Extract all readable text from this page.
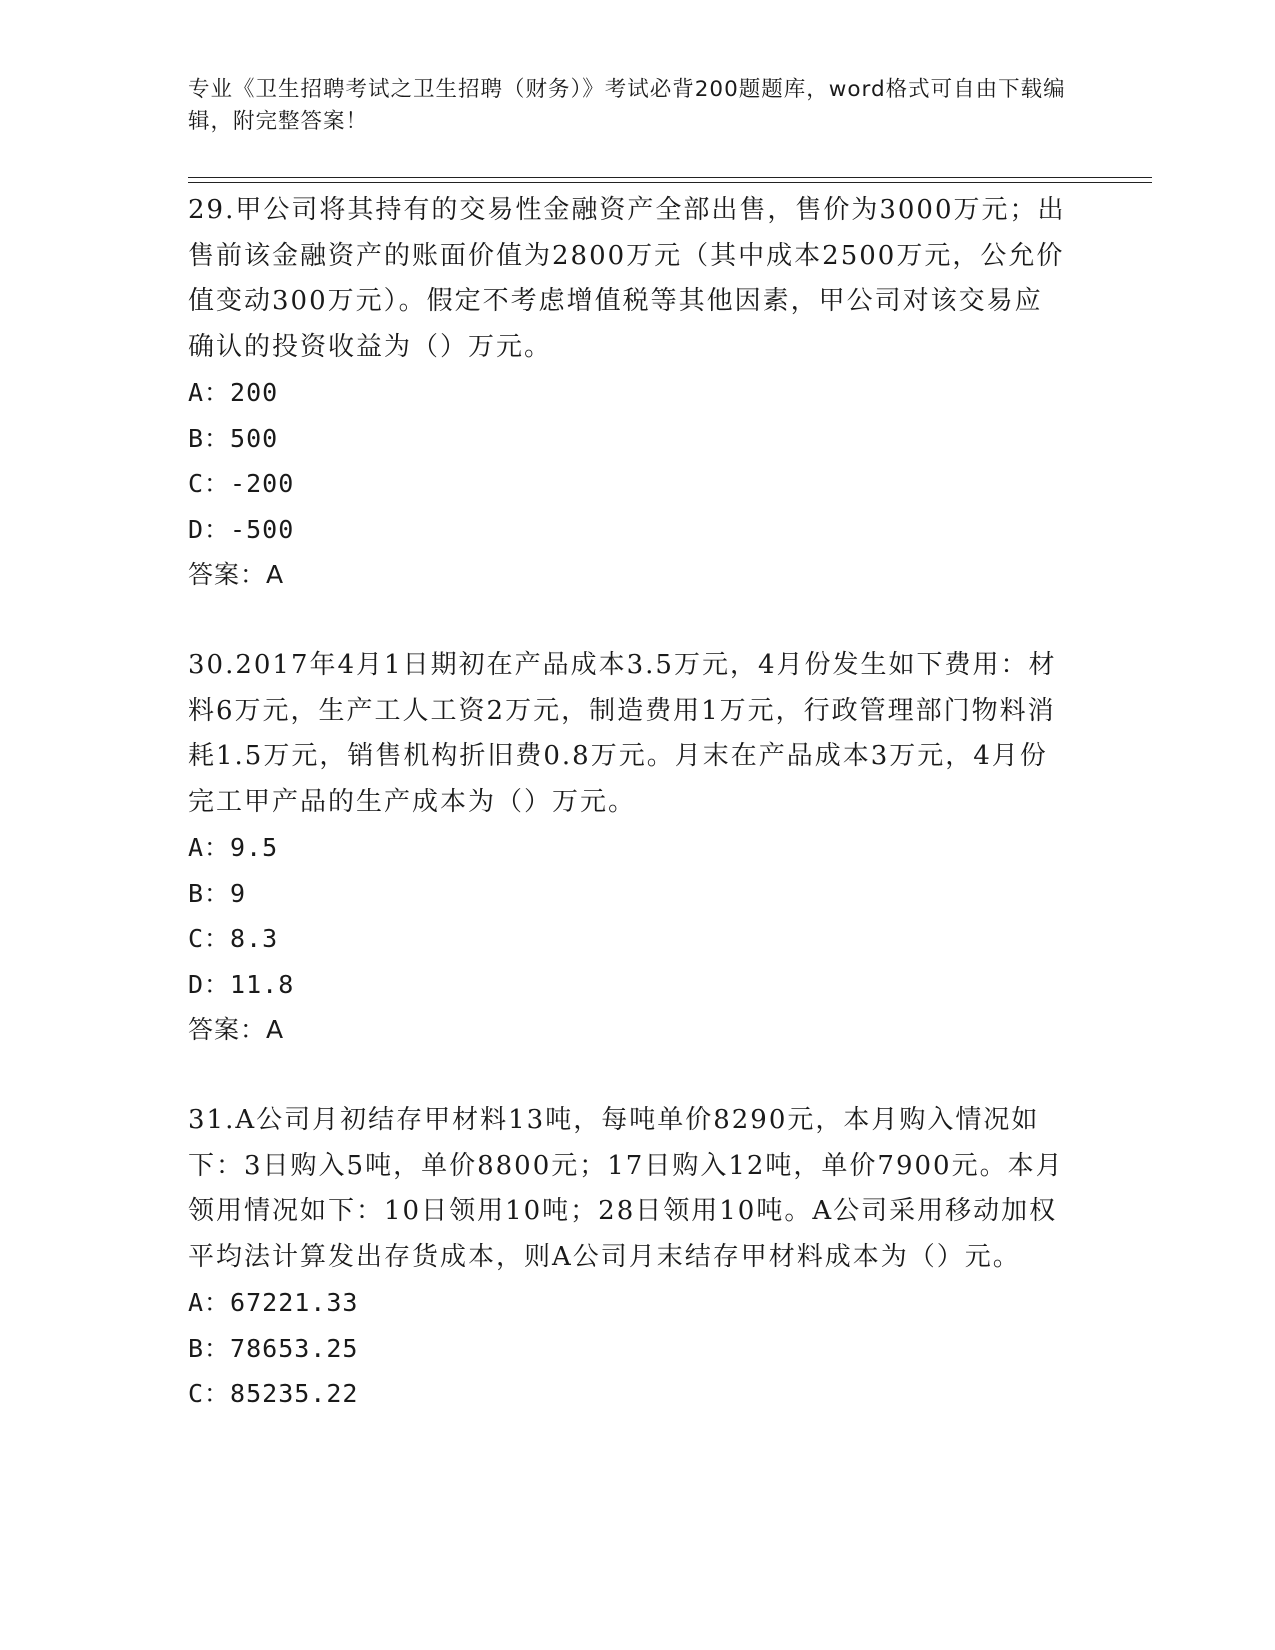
专业《卫生招聘考试之卫生招聘（财务）》考试必背200题题库，word格式可自由下载编辑，附完整答案！

29.甲公司将其持有的交易性金融资产全部出售，售价为3000万元；出售前该金融资产的账面价值为2800万元（其中成本2500万元，公允价值变动300万元）。假定不考虑增值税等其他因素，甲公司对该交易应确认的投资收益为（）万元。

A：200

B：500

C：-200

D：-500

答案：A

30.2017年4月1日期初在产品成本3.5万元，4月份发生如下费用：材料6万元，生产工人工资2万元，制造费用1万元，行政管理部门物料消耗1.5万元，销售机构折旧费0.8万元。月末在产品成本3万元，4月份完工甲产品的生产成本为（）万元。

A：9.5

B：9

C：8.3

D：11.8

答案：A

31.A公司月初结存甲材料13吨，每吨单价8290元，本月购入情况如下：3日购入5吨，单价8800元；17日购入12吨，单价7900元。本月领用情况如下：10日领用10吨；28日领用10吨。A公司采用移动加权平均法计算发出存货成本，则A公司月末结存甲材料成本为（）元。

A：67221.33

B：78653.25

C：85235.22
